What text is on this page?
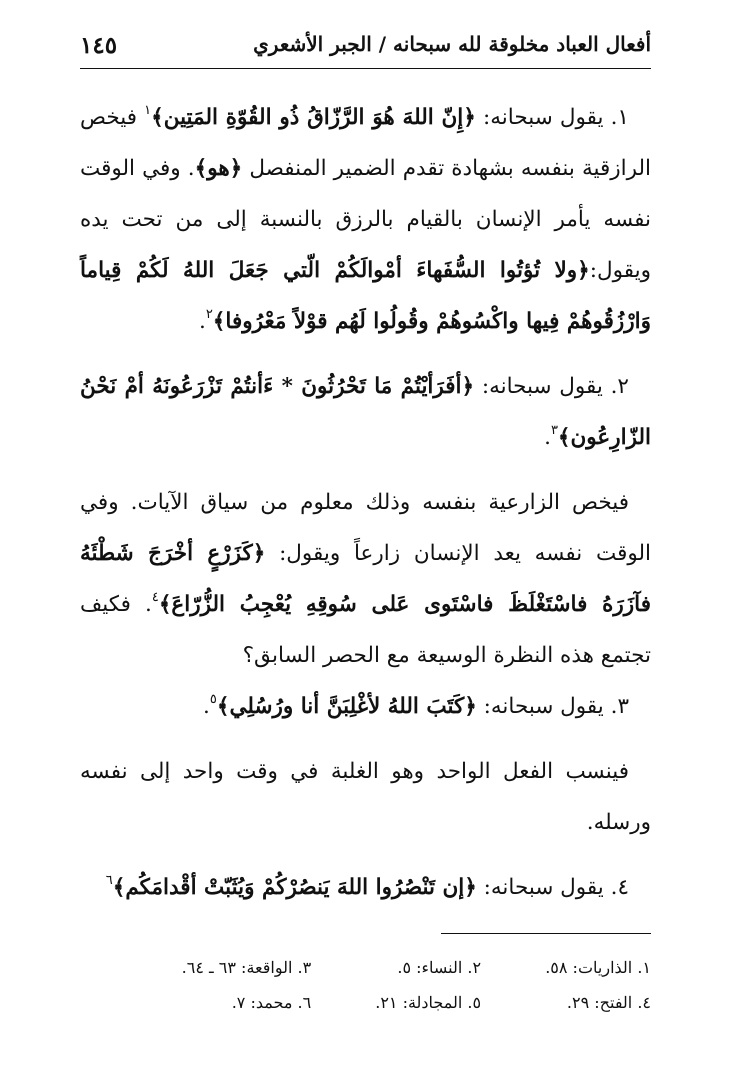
أفعال العباد مخلوقة لله سبحانه / الجبر الأشعري
١٤٥

١. يقول سبحانه: ﴿إِنّ اللهَ هُوَ الرَّزّاقُ ذُو القُوّةِ المَتِين﴾$^١$ فيخص الرازقية بنفسه بشهادة تقدم الضمير المنفصل ﴿هو﴾. وفي الوقت نفسه يأمر الإنسان بالقيام بالرزق بالنسبة إلى من تحت يده ويقول:﴿ولا تُؤتُوا السُّفَهاءَ أمْوالَكُمْ الّتي جَعَلَ اللهُ لَكُمْ قِياماً وَارْزُقُوهُمْ فِيها واكْسُوهُمْ وقُولُوا لَهُم قوْلاً مَعْرُوفا﴾$^٢$.

٢. يقول سبحانه: ﴿أفَرَأيْتُمْ مَا تَحْرُثُونَ * ءَأنتُمْ تَزْرَعُونَهُ أمْ نَحْنُ الزّارِعُون﴾$^٣$.

فيخص الزارعية بنفسه وذلك معلوم من سياق الآيات. وفي الوقت نفسه يعد الإنسان زارعاً ويقول: ﴿كَزَرْعٍ أخْرَجَ شَطْئَهُ فآزَرَهُ فاسْتَغْلَظَ فاسْتَوى عَلى سُوقِهِ يُعْجِبُ الزُّرّاعَ﴾$^٤$. فكيف تجتمع هذه النظرة الوسيعة مع الحصر السابق؟

٣. يقول سبحانه: ﴿كَتَبَ اللهُ لأغْلِبَنَّ أنا ورُسُلِي﴾$^٥$.

فينسب الفعل الواحد وهو الغلبة في وقت واحد إلى نفسه ورسله.

٤. يقول سبحانه: ﴿إن تَنْصُرُوا اللهَ يَنصُرْكُمْ وَيُثَبّتْ أقْدامَكُم﴾$^٦$

١. الذاريات: ٥٨.
٢. النساء: ٥.
٣. الواقعة: ٦٣ ـ ٦٤.
٤. الفتح: ٢٩.
٥. المجادلة: ٢١.
٦. محمد: ٧.
